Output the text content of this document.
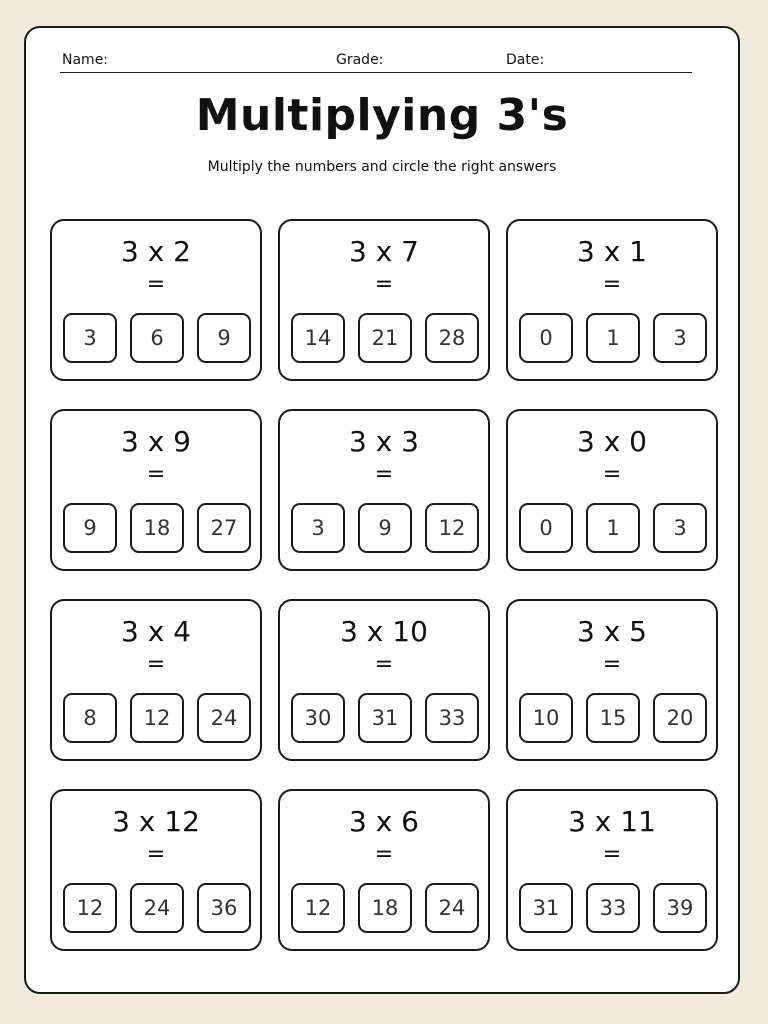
Name:	Grade:	Date:
Multiplying 3's
Multiply the numbers and circle the right answers
3 x 2
=
3	6	9
3 x 7
=
14	21	28
3 x 1
=
0	1	3
3 x 9
=
9	18	27
3 x 3
=
3	9	12
3 x 0
=
0	1	3
3 x 4
=
8	12	24
3 x 10
=
30	31	33
3 x 5
=
10	15	20
3 x 12
=
12	24	36
3 x 6
=
12	18	24
3 x 11
=
31	33	39
